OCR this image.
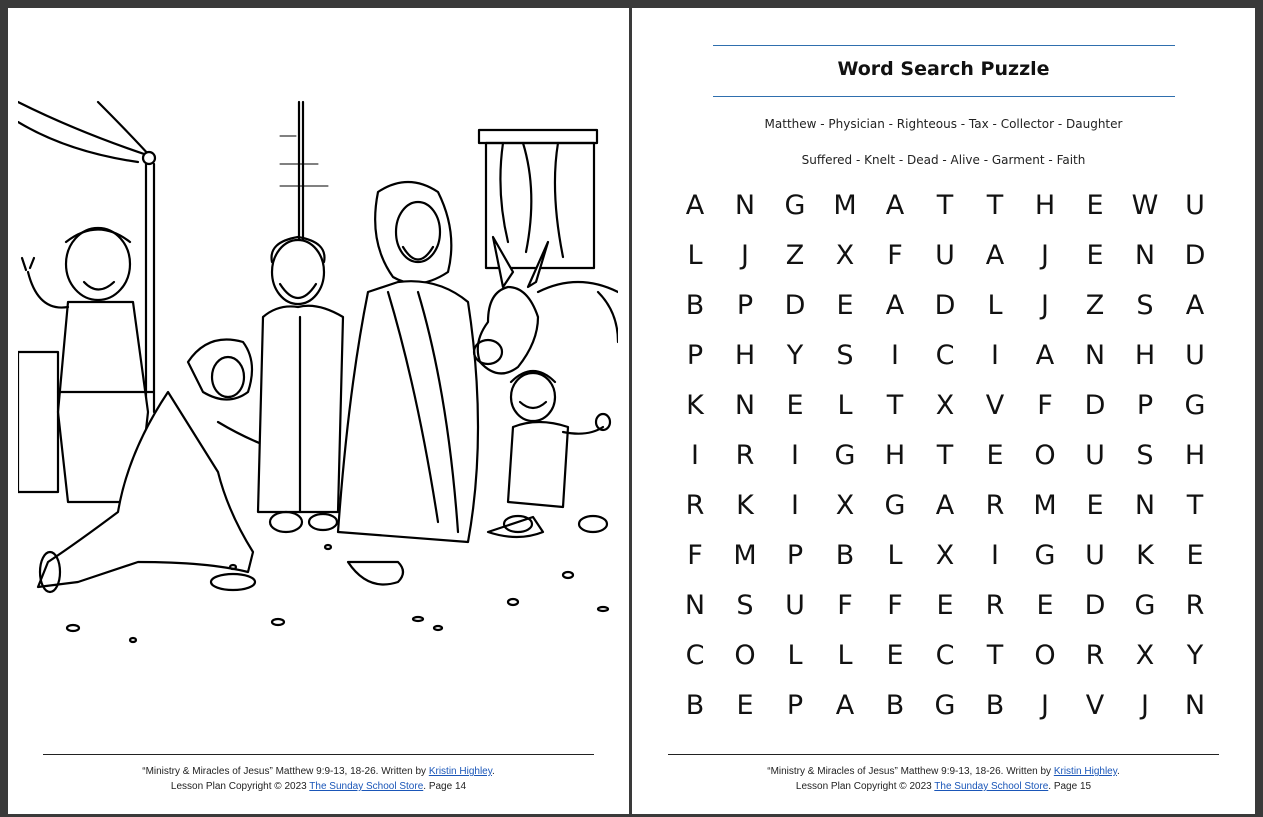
“Ministry & Miracles of Jesus” Matthew 9:9-13, 18-26. Written by Kristin Highley.
Lesson Plan Copyright © 2023 The Sunday School Store. Page 14
Word Search Puzzle
Matthew - Physician - Righteous - Tax - Collector - Daughter
Suffered - Knelt - Dead - Alive - Garment - Faith
A	N	G	M	A	T	T	H	E	W U
L	J	Z	X	F	U	A	J	E	N	D
B	P	D	E	A	D	L	J	Z	S	A
P	H	Y	S	I	C	I	A	N	H	U
K	N	E	L	T	X	V	F	D	P	G
I	R	I	G	H	T	E	O	U	S	H
R	K	I	X	G	A	R	M	E	N	T
F	M	P	B	L	X	I	G	U	K	E
N	S	U	F	F	E	R	E	D	G	R
C	O	L	L	E	C	T	O	R	X	Y
B	E	P	A	B	G	B	J	V	J	N
“Ministry & Miracles of Jesus” Matthew 9:9-13, 18-26. Written by Kristin Highley.
Lesson Plan Copyright © 2023 The Sunday School Store. Page 15
